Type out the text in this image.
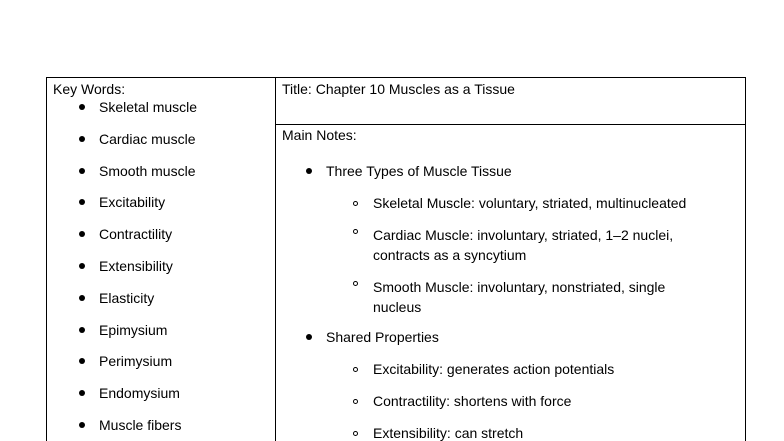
Key Words:
Skeletal muscle
Cardiac muscle
Smooth muscle
Excitability
Contractility
Extensibility
Elasticity
Epimysium
Perimysium
Endomysium
Muscle fibers
Title: Chapter 10 Muscles as a Tissue
Main Notes:
Three Types of Muscle Tissue
Skeletal Muscle: voluntary, striated, multinucleated
Cardiac Muscle: involuntary, striated, 1–2 nuclei,
contracts as a syncytium
Smooth Muscle: involuntary, nonstriated, single
nucleus
Shared Properties
Excitability: generates action potentials
Contractility: shortens with force
Extensibility: can stretch
